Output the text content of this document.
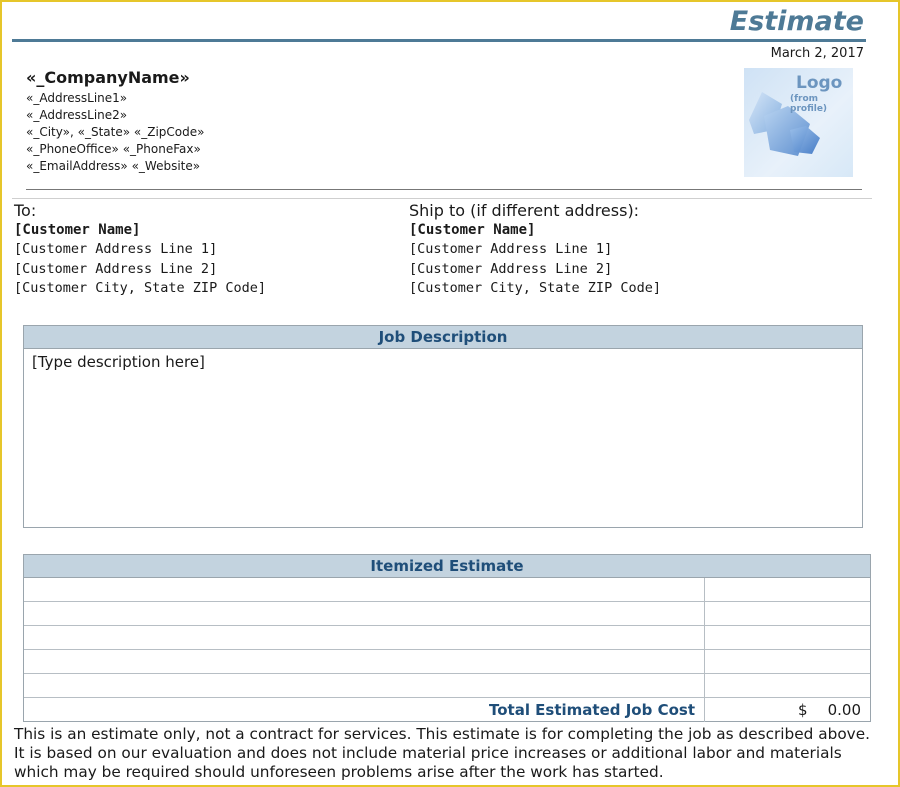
Estimate
March 2, 2017
«_CompanyName»
«_AddressLine1»
«_AddressLine2»
«_City», «_State» «_ZipCode»
«_PhoneOffice» «_PhoneFax»
«_EmailAddress» «_Website»
Logo
(from profile)
To:
[Customer Name]
[Customer Address Line 1]
[Customer Address Line 2]
[Customer City, State ZIP Code]
Ship to (if different address):
[Customer Name]
[Customer Address Line 1]
[Customer Address Line 2]
[Customer City, State ZIP Code]
Job Description
[Type description here]
Itemized Estimate
Total Estimated Job Cost	$ 0.00
This is an estimate only, not a contract for services. This estimate is for completing the job as described above. It is based on our evaluation and does not include material price increases or additional labor and materials which may be required should unforeseen problems arise after the work has started.
